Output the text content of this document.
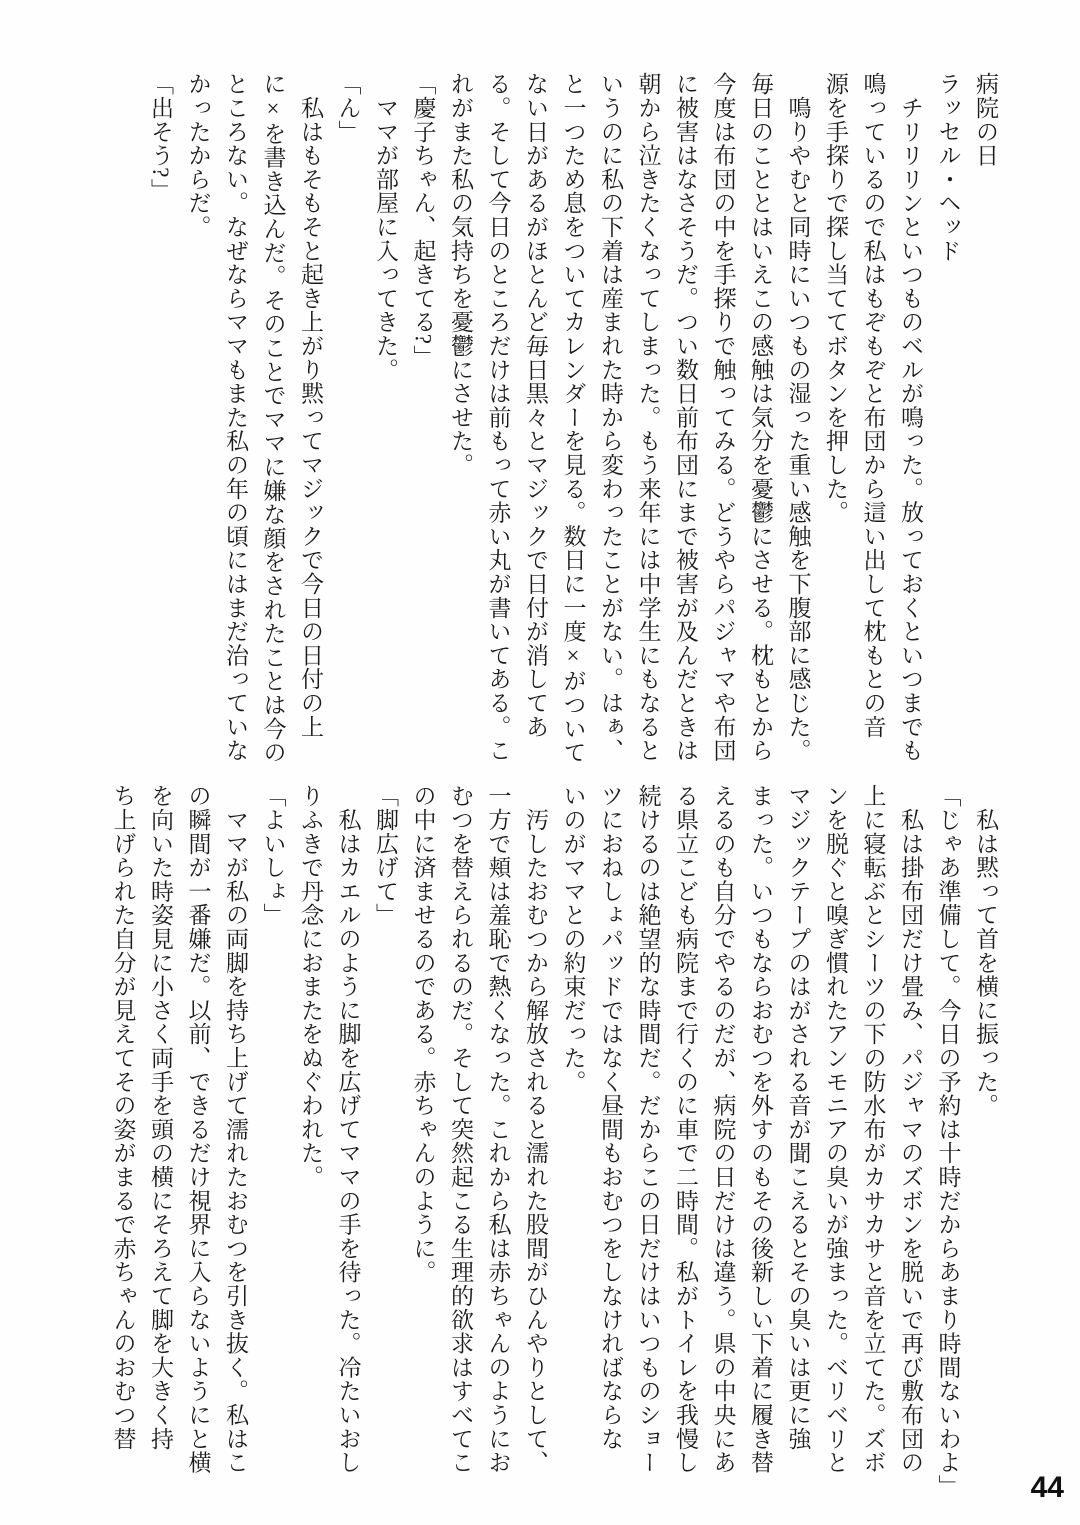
病院の日

ラッセル・ヘッド

　チリリリンといつものベルが鳴った。放っておくといつまでも

鳴っているので私はもぞもぞと布団から這い出して枕もとの音

源を手探りで探し当ててボタンを押した。

　鳴りやむと同時にいつもの湿った重い感触を下腹部に感じた。

毎日のこととはいえこの感触は気分を憂鬱にさせる。枕もとから

今度は布団の中を手探りで触ってみる。どうやらパジャマや布団

に被害はなさそうだ。つい数日前布団にまで被害が及んだときは

朝から泣きたくなってしまった。もう来年には中学生にもなると

いうのに私の下着は産まれた時から変わったことがない。はぁ、

と一つため息をついてカレンダーを見る。数日に一度×がついて

ない日があるがほとんど毎日黒々とマジックで日付が消してあ

る。そして今日のところだけは前もって赤い丸が書いてある。こ

れがまた私の気持ちを憂鬱にさせた。

「慶子ちゃん、起きてる?」

　ママが部屋に入ってきた。

「ん」

　私はもそもそと起き上がり黙ってマジックで今日の日付の上

に×を書き込んだ。そのことでママに嫌な顔をされたことは今の

ところない。なぜならママもまた私の年の頃にはまだ治っていな

かったからだ。

「出そう?」

　私は黙って首を横に振った。

「じゃあ準備して。今日の予約は十時だからあまり時間ないわよ」

　私は掛布団だけ畳み、パジャマのズボンを脱いで再び敷布団の

上に寝転ぶとシーツの下の防水布がカサカサと音を立てた。ズボ

ンを脱ぐと嗅ぎ慣れたアンモニアの臭いが強まった。ベリベリと

マジックテープのはがされる音が聞こえるとその臭いは更に強

まった。いつもならおむつを外すのもその後新しい下着に履き替

えるのも自分でやるのだが、病院の日だけは違う。県の中央にあ

る県立こども病院まで行くのに車で二時間。私がトイレを我慢し

続けるのは絶望的な時間だ。だからこの日だけはいつものショー

ツにおねしょパッドではなく昼間もおむつをしなければならな

いのがママとの約束だった。

　汚したおむつから解放されると濡れた股間がひんやりとして、

一方で頬は羞恥で熱くなった。これから私は赤ちゃんのようにお

むつを替えられるのだ。そして突然起こる生理的欲求はすべてこ

の中に済ませるのである。赤ちゃんのように。

「脚広げて」

　私はカエルのように脚を広げてママの手を待った。冷たいおし

りふきで丹念におまたをぬぐわれた。

「よいしょ」

　ママが私の両脚を持ち上げて濡れたおむつを引き抜く。私はこ

の瞬間が一番嫌だ。以前、できるだけ視界に入らないようにと横

を向いた時姿見に小さく両手を頭の横にそろえて脚を大きく持

ち上げられた自分が見えてその姿がまるで赤ちゃんのおむつ替

44
